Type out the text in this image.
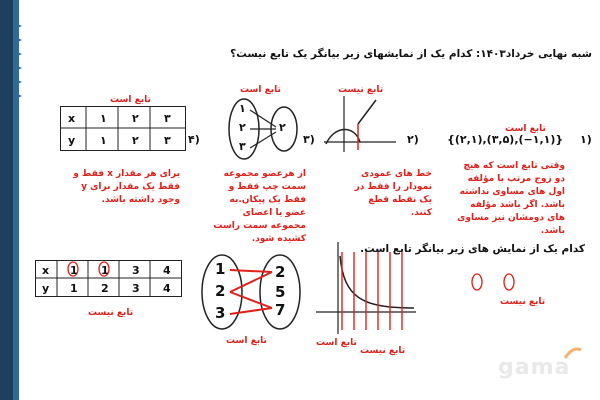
شبه نهایی خرداد۱۴۰۳: کدام یک از نمایشهای زیر بیانگر یک تابع نیست؟
(۴	(۳	(۲	(۱
{(۲,۱),(۳,۵),(−۱,۱)}
تابع است
تابع است	تابع نیست
تابع است
x ۱ ۲ ۳
y ۱ ۲ ۳
۱
۲
۳
۲
برای هر مقدار x فقط و فقط یک مقدار برای y وجود داشته باشد.
از هرعضو مجموعه سمت چپ فقط و فقط یک پیکان.به عضو یا اعضای مجموعه سمت راست کشیده شود.
خط های عمودی نمودار را فقط در یک نقطه قطع کنند.
وقتی تابع است که هیچ دو زوج مرتب با مؤلفه اول های مساوی نداشته باشد. اگر باشد مؤلفه های دومشان نیز مساوی باشد.
کدام یک از نمایش های زیر بیانگر تابع است.
x 1 1 3 4
y 1 2 3 4
تابع نیست
1
2
3
2
5
7
تابع است	تابع است
تابع نیست
تابع نیست
gama
